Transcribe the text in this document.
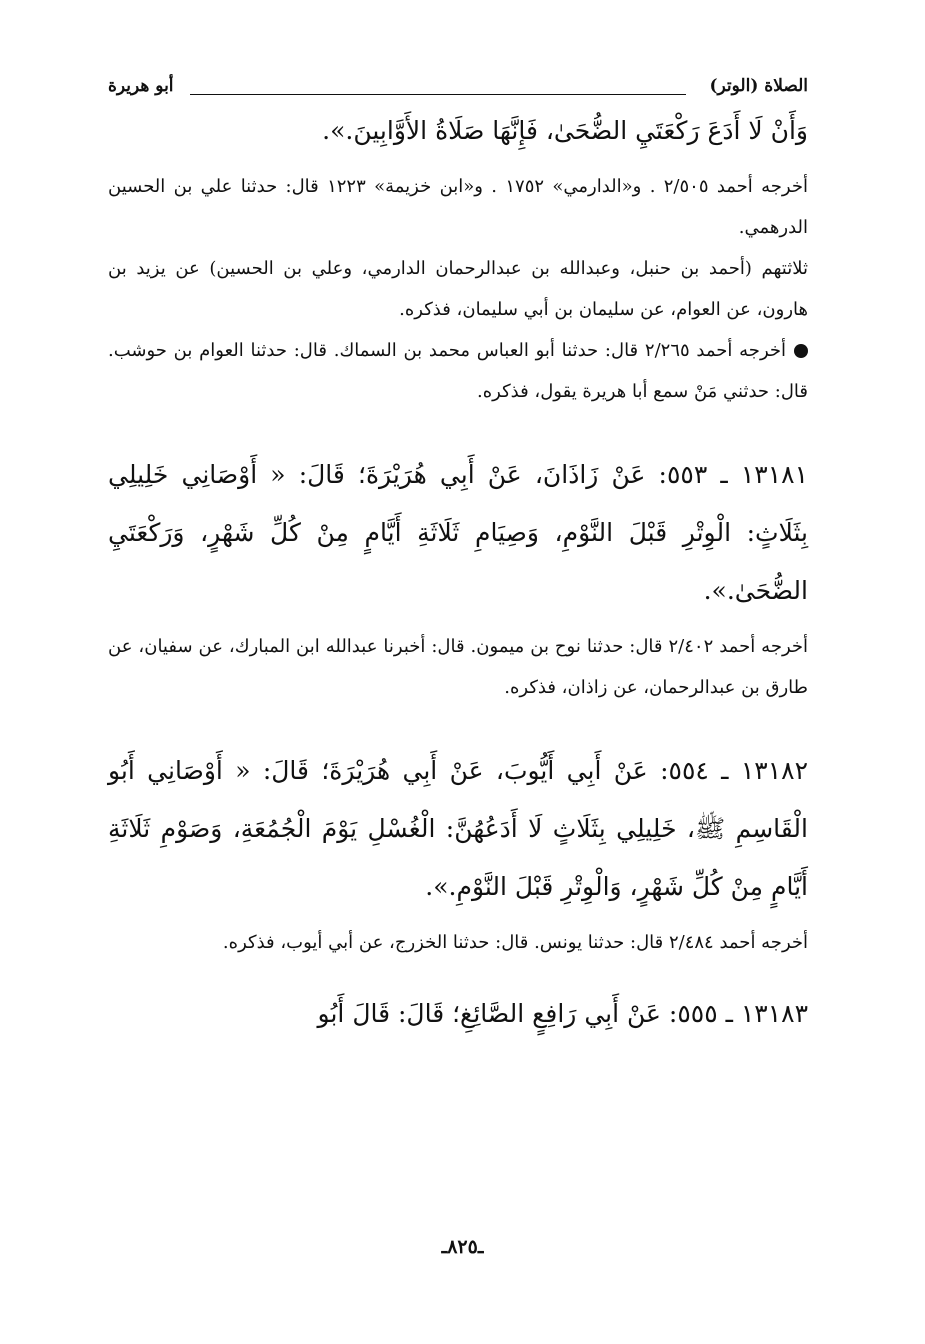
الصلاة (الوتر)
أبو هريرة

وَأَنْ لَا أَدَعَ رَكْعَتَيِ الضُّحَىٰ، فَإِنَّهَا صَلَاةُ الأَوَّابِينَ.».

أخرجه أحمد ٢/٥٠٥ . و«الدارمي» ١٧٥٢ . و«ابن خزيمة» ١٢٢٣ قال: حدثنا علي بن الحسين الدرهمي.

ثلاثتهم (أحمد بن حنبل، وعبدالله بن عبدالرحمان الدارمي، وعلي بن الحسين) عن يزيد بن هارون، عن العوام، عن سليمان بن أبي سليمان، فذكره.

أخرجه أحمد ٢/٢٦٥ قال: حدثنا أبو العباس محمد بن السماك. قال: حدثنا العوام بن حوشب. قال: حدثني مَنْ سمع أبا هريرة يقول، فذكره.

١٣١٨١ ـ ٥٥٣: عَنْ زَاذَانَ، عَنْ أَبِي هُرَيْرَةَ؛ قَالَ: « أَوْصَانِي خَلِيلِي بِثَلَاثٍ: الْوِتْرِ قَبْلَ النَّوْمِ، وَصِيَامِ ثَلَاثَةِ أَيَّامٍ مِنْ كُلِّ شَهْرٍ، وَرَكْعَتَيِ الضُّحَىٰ.».

أخرجه أحمد ٢/٤٠٢ قال: حدثنا نوح بن ميمون. قال: أخبرنا عبدالله ابن المبارك، عن سفيان، عن طارق بن عبدالرحمان، عن زاذان، فذكره.

١٣١٨٢ ـ ٥٥٤: عَنْ أَبِي أَيُّوبَ، عَنْ أَبِي هُرَيْرَةَ؛ قَالَ: « أَوْصَانِي أَبُو الْقَاسِمِ ﷺ، خَلِيلِي بِثَلَاثٍ لَا أَدَعُهُنَّ: الْغُسْلِ يَوْمَ الْجُمُعَةِ، وَصَوْمِ ثَلَاثَةِ أَيَّامٍ مِنْ كُلِّ شَهْرٍ، وَالْوِتْرِ قَبْلَ النَّوْمِ.».

أخرجه أحمد ٢/٤٨٤ قال: حدثنا يونس. قال: حدثنا الخزرج، عن أبي أيوب، فذكره.

١٣١٨٣ ـ ٥٥٥: عَنْ أَبِي رَافِعٍ الصَّائِغِ؛ قَالَ: قَالَ أَبُو

ـ٨٢٥ـ
